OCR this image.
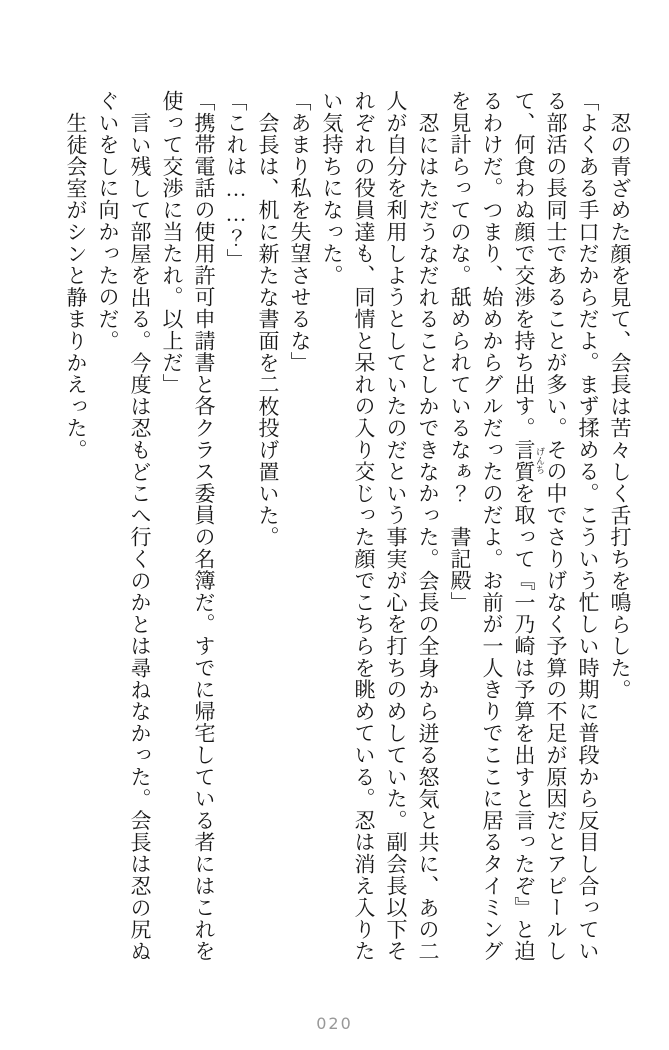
忍の青ざめた顔を見て、会長は苦々しく舌打ちを鳴らした。

「よくある手口だからだよ。まず揉める。こういう忙しい時期に普段から反目し合っている部活の長同士であることが多い。その中でさりげなく予算の不足が原因だとアピールして、何食わぬ顔で交渉を持ち出す。言質 げんちを取って『一乃崎は予算を出すと言ったぞ』と迫るわけだ。つまり、始めからグルだったのだよ。お前が一人きりでここに居るタイミングを見計らってのな。舐められているなぁ？　書記殿」

忍にはただうなだれることしかできなかった。会長の全身から迸る怒気と共に、あの二人が自分を利用しようとしていたのだという事実が心を打ちのめしていた。副会長以下それぞれの役員達も、同情と呆れの入り交じった顔でこちらを眺めている。忍は消え入りたい気持ちになった。

「あまり私を失望させるな」

会長は、机に新たな書面を二枚投げ置いた。

「これは……？」

「携帯電話の使用許可申請書と各クラス委員の名簿だ。すでに帰宅している者にはこれを使って交渉に当たれ。以上だ」

言い残して部屋を出る。今度は忍もどこへ行くのかとは尋ねなかった。会長は忍の尻ぬぐいをしに向かったのだ。

生徒会室がシンと静まりかえった。

020
